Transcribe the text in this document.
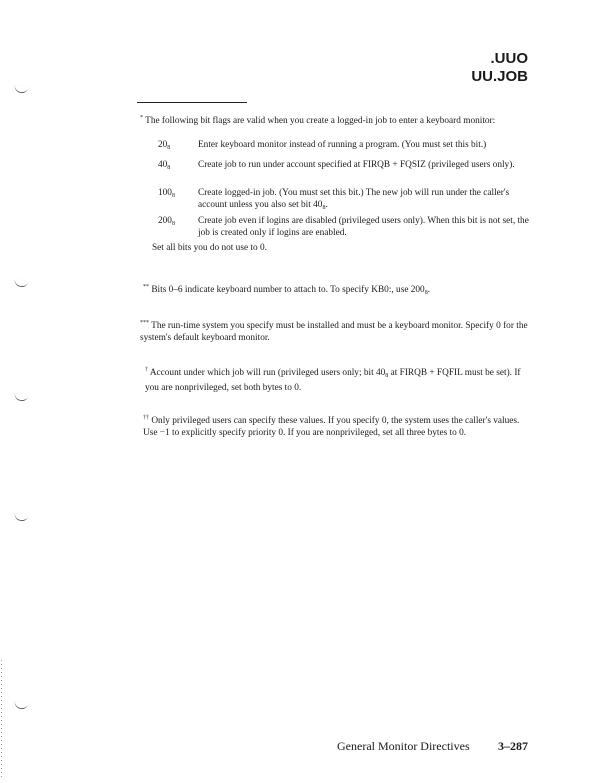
.UUO
UU.JOB
* The following bit flags are valid when you create a logged-in job to enter a keyboard monitor:
$20_8$	Enter keyboard monitor instead of running a program. (You must set this bit.)
$40_8$	Create job to run under account specified at FIRQB + FQSIZ (privileged users only).
$100_8$	Create logged-in job. (You must set this bit.) The new job will run under the caller's account unless you also set bit $40_8$.
$200_8$	Create job even if logins are disabled (privileged users only). When this bit is not set, the job is created only if logins are enabled.
Set all bits you do not use to 0.
** Bits 0–6 indicate keyboard number to attach to. To specify KB0:, use $200_8$.
*** The run-time system you specify must be installed and must be a keyboard monitor. Specify 0 for the system's default keyboard monitor.
† Account under which job will run (privileged users only; bit $40_8$ at FIRQB + FQFIL must be set). If you are nonprivileged, set both bytes to 0.
†† Only privileged users can specify these values. If you specify 0, the system uses the caller's values. Use −1 to explicitly specify priority 0. If you are nonprivileged, set all three bytes to 0.
General Monitor Directives 3–287
